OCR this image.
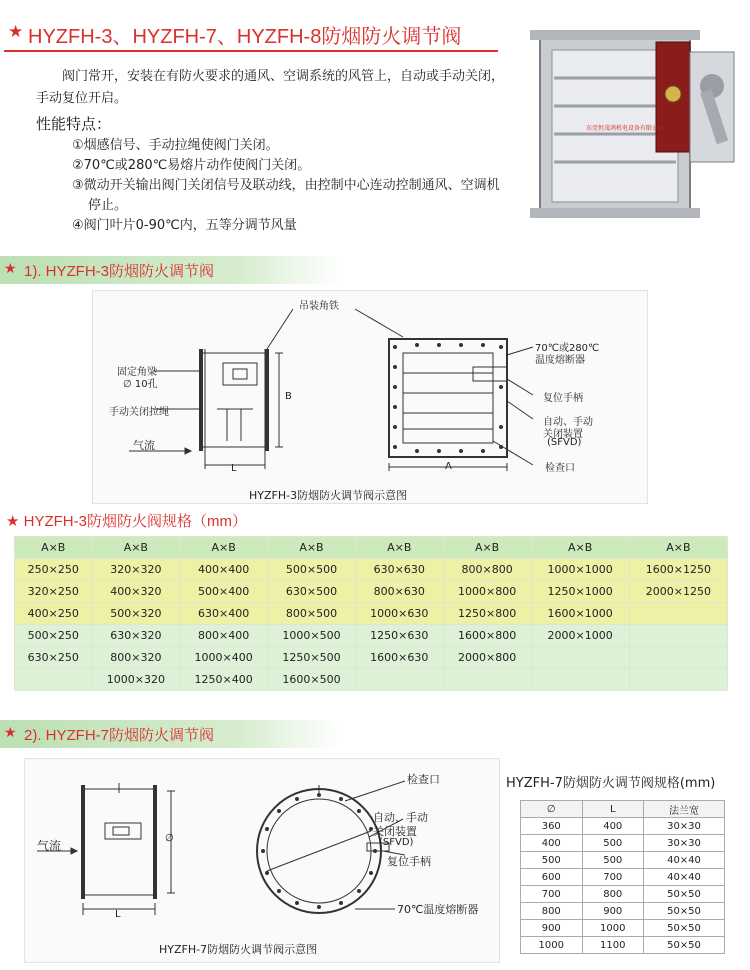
★ HYZFH-3、HYZFH-7、HYZFH-8防烟防火调节阀

阀门常开，安装在有防火要求的通风、空调系统的风管上，自动或手动关闭，手动复位开启。

性能特点：
①烟感信号、手动拉绳使阀门关闭。
②70℃或280℃易熔片动作使阀门关闭。
③微动开关输出阀门关闭信号及联动线，由控制中心连动控制通风、空调机停止。
④阀门叶片0-90℃内，五等分调节风量
东莞恒茂鸿机电设备有限公司
★ 1). HYZFH-3防烟防火调节阀
吊装角铁
固定角梁
∅ 10孔
手动关闭拉绳
气流
L
B
A
70℃或280℃
温度熔断器
复位手柄
自动、手动
关闭装置
(SFVD)
检查口
HYZFH-3防烟防火调节阀示意图
★ HYZFH-3防烟防火阀规格（mm）
A×B	A×B	A×B	A×B	A×B	A×B	A×B	A×B
250×250	320×320	400×400	500×500	630×630	800×800	1000×1000	1600×1250
320×250	400×320	500×400	630×500	800×630	1000×800	1250×1000	2000×1250
400×250	500×320	630×400	800×500	1000×630	1250×800	1600×1000	
500×250	630×320	800×400	1000×500	1250×630	1600×800	2000×1000	
630×250	800×320	1000×400	1250×500	1600×630	2000×800		
	1000×320	1250×400	1600×500				
★ 2). HYZFH-7防烟防火调节阀
气流
L
∅
检查口
自动、手动
关闭装置
(SFVD)
复位手柄
70℃温度熔断器
HYZFH-7防烟防火调节阀示意图
HYZFH-7防烟防火调节阀规格(mm)
∅	L	法兰宽
360	400	30×30
400	500	30×30
500	500	40×40
600	700	40×40
700	800	50×50
800	900	50×50
900	1000	50×50
1000	1100	50×50
